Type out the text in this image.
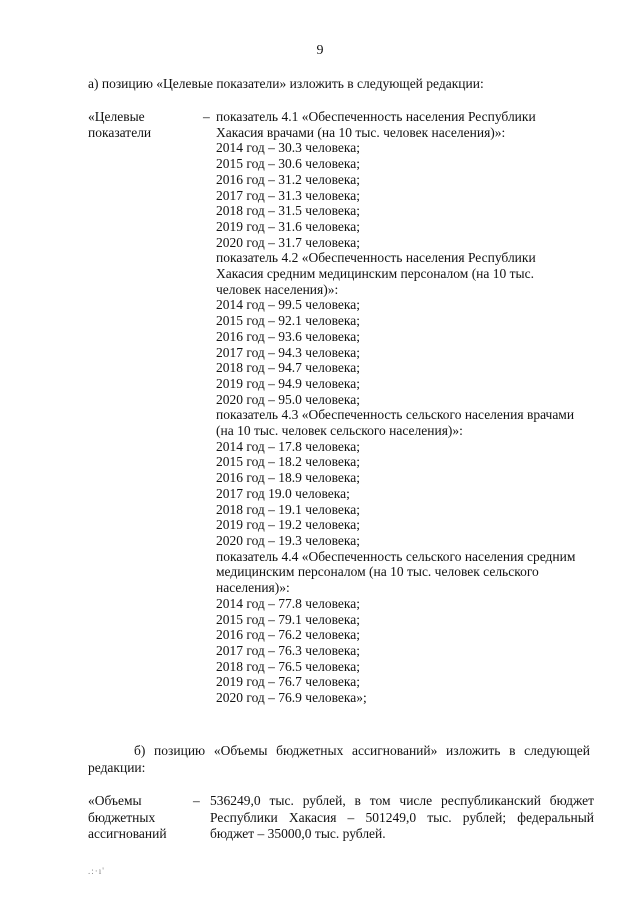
9
а) позицию «Целевые показатели» изложить в следующей редакции:
«Целевые
показатели
– показатель 4.1 «Обеспеченность населения Республики
Хакасия врачами (на 10 тыс. человек населения)»:
2014 год – 30.3 человека;
2015 год – 30.6 человека;
2016 год – 31.2 человека;
2017 год – 31.3 человека;
2018 год – 31.5 человека;
2019 год – 31.6 человека;
2020 год – 31.7 человека;
показатель 4.2 «Обеспеченность населения Республики
Хакасия средним медицинским персоналом (на 10 тыс.
человек населения)»:
2014 год – 99.5 человека;
2015 год – 92.1 человека;
2016 год – 93.6 человека;
2017 год – 94.3 человека;
2018 год – 94.7 человека;
2019 год – 94.9 человека;
2020 год – 95.0 человека;
показатель 4.3 «Обеспеченность сельского населения врачами
(на 10 тыс. человек сельского населения)»:
2014 год – 17.8 человека;
2015 год – 18.2 человека;
2016 год – 18.9 человека;
2017 год 19.0 человека;
2018 год – 19.1 человека;
2019 год – 19.2 человека;
2020 год – 19.3 человека;
показатель 4.4 «Обеспеченность сельского населения средним
медицинским персоналом (на 10 тыс. человек сельского
населения)»:
2014 год – 77.8 человека;
2015 год – 79.1 человека;
2016 год – 76.2 человека;
2017 год – 76.3 человека;
2018 год – 76.5 человека;
2019 год – 76.7 человека;
2020 год – 76.9 человека»;
б) позицию «Объемы бюджетных ассигнований» изложить в следующей редакции:
«Объемы
бюджетных
ассигнований
– 536249,0 тыс. рублей, в том числе республиканский бюджет Республики Хакасия – 501249,0 тыс. рублей; федеральный бюджет – 35000,0 тыс. рублей.
.:·ı'
